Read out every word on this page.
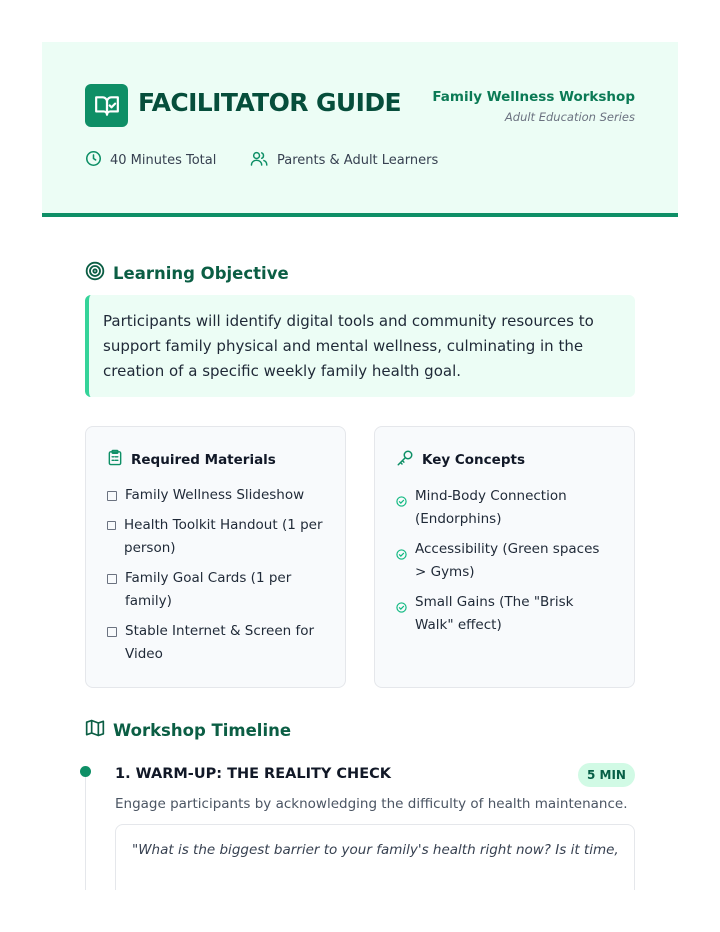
FACILITATOR GUIDE Family Wellness Workshop
Adult Education Series
40 Minutes Total	Parents & Adult Learners
Learning Objective
Participants will identify digital tools and community resources to support family physical and mental wellness, culminating in the creation of a specific weekly family health goal.
Required Materials
Family Wellness Slideshow
Health Toolkit Handout (1 per person)
Family Goal Cards (1 per family)
Stable Internet & Screen for Video
Key Concepts
Mind-Body Connection (Endorphins)
Accessibility (Green spaces > Gyms)
Small Gains (The "Brisk Walk" effect)
Workshop Timeline
1. WARM-UP: THE REALITY CHECK	5 MIN
Engage participants by acknowledging the difficulty of health maintenance.
"What is the biggest barrier to your family's health right now? Is it time,
